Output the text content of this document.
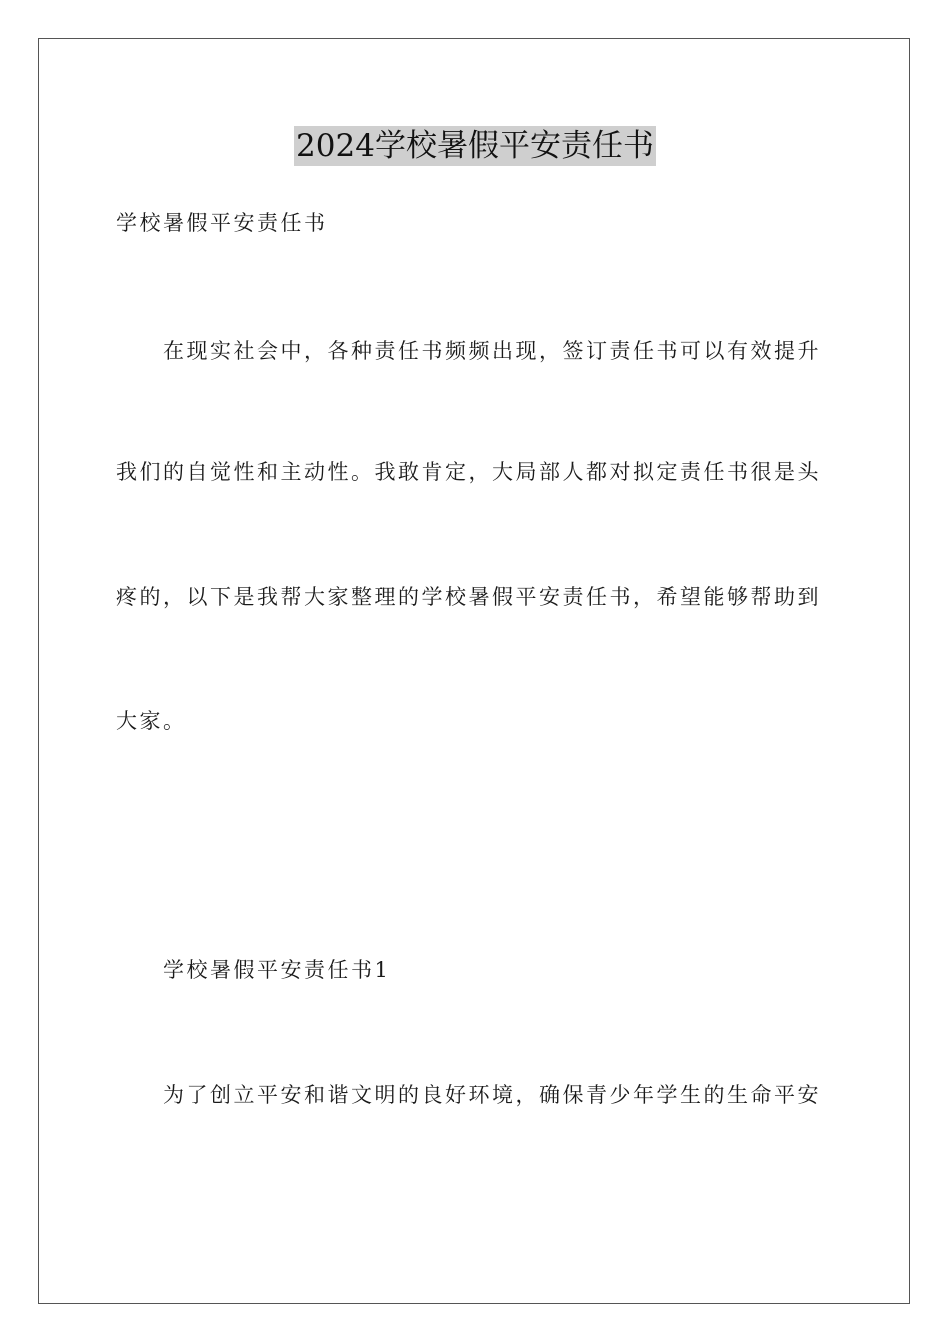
2024学校暑假平安责任书
学校暑假平安责任书
在现实社会中，各种责任书频频出现，签订责任书可以有效提升
我们的自觉性和主动性。我敢肯定，大局部人都对拟定责任书很是头
疼的，以下是我帮大家整理的学校暑假平安责任书，希望能够帮助到
大家。
学校暑假平安责任书1
为了创立平安和谐文明的良好环境，确保青少年学生的生命平安
